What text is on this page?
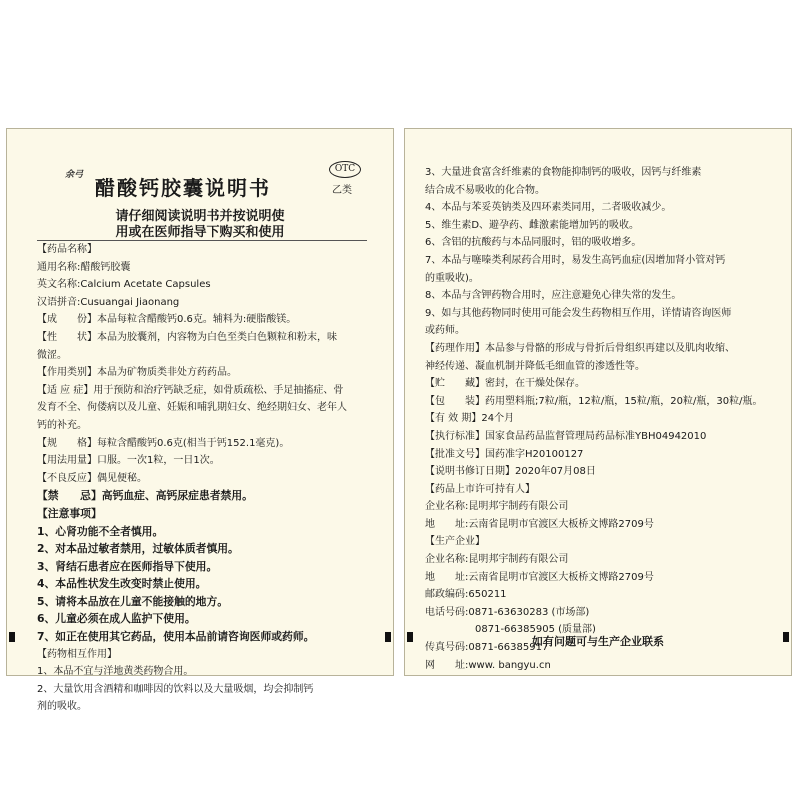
余弓
醋酸钙胶囊说明书
OTC
乙类
请仔细阅读说明书并按说明使
用或在医师指导下购买和使用
【药品名称】
通用名称:醋酸钙胶囊
英文名称:Calcium Acetate Capsules
汉语拼音:Cusuangai Jiaonang
【成　　份】本品每粒含醋酸钙0.6克。辅料为:硬脂酸镁。
【性　　状】本品为胶囊剂，内容物为白色至类白色颗粒和粉末，味
微涩。
【作用类别】本品为矿物质类非处方药药品。
【适 应 症】用于预防和治疗钙缺乏症，如骨质疏松、手足抽搐症、骨
发育不全、佝偻病以及儿童、妊娠和哺乳期妇女、绝经期妇女、老年人
钙的补充。
【规　　格】每粒含醋酸钙0.6克(相当于钙152.1毫克)。
【用法用量】口服。一次1粒，一日1次。
【不良反应】偶见便秘。
【禁　　忌】高钙血症、高钙尿症患者禁用。
【注意事项】
1、心肾功能不全者慎用。
2、对本品过敏者禁用，过敏体质者慎用。
3、肾结石患者应在医师指导下使用。
4、本品性状发生改变时禁止使用。
5、请将本品放在儿童不能接触的地方。
6、儿童必须在成人监护下使用。
7、如正在使用其它药品，使用本品前请咨询医师或药师。
【药物相互作用】
1、本品不宜与洋地黄类药物合用。
2、大量饮用含酒精和咖啡因的饮料以及大量吸烟，均会抑制钙
剂的吸收。
3、大量进食富含纤维素的食物能抑制钙的吸收，因钙与纤维素
结合成不易吸收的化合物。
4、本品与苯妥英钠类及四环素类同用，二者吸收减少。
5、维生素D、避孕药、雌激素能增加钙的吸收。
6、含铝的抗酸药与本品同服时，铝的吸收增多。
7、本品与噻嗪类利尿药合用时，易发生高钙血症(因增加肾小管对钙
的重吸收)。
8、本品与含钾药物合用时，应注意避免心律失常的发生。
9、如与其他药物同时使用可能会发生药物相互作用，详情请咨询医师
或药师。
【药理作用】本品参与骨骼的形成与骨折后骨组织再建以及肌肉收缩、
神经传递、凝血机制并降低毛细血管的渗透性等。
【贮　　藏】密封，在干燥处保存。
【包　　装】药用塑料瓶;7粒/瓶，12粒/瓶，15粒/瓶，20粒/瓶，30粒/瓶。
【有 效 期】24个月
【执行标准】国家食品药品监督管理局药品标准YBH04942010
【批准文号】国药准字H20100127
【说明书修订日期】2020年07月08日
【药品上市许可持有人】
企业名称:昆明邦宇制药有限公司
地　　址:云南省昆明市官渡区大板桥文博路2709号
【生产企业】
企业名称:昆明邦宇制药有限公司
地　　址:云南省昆明市官渡区大板桥文博路2709号
邮政编码:650211
电话号码:0871-63630283 (市场部)
　　　　　0871-66385905 (质量部)
传真号码:0871-66385917
网　　址:www. bangyu.cn
如有问题可与生产企业联系
